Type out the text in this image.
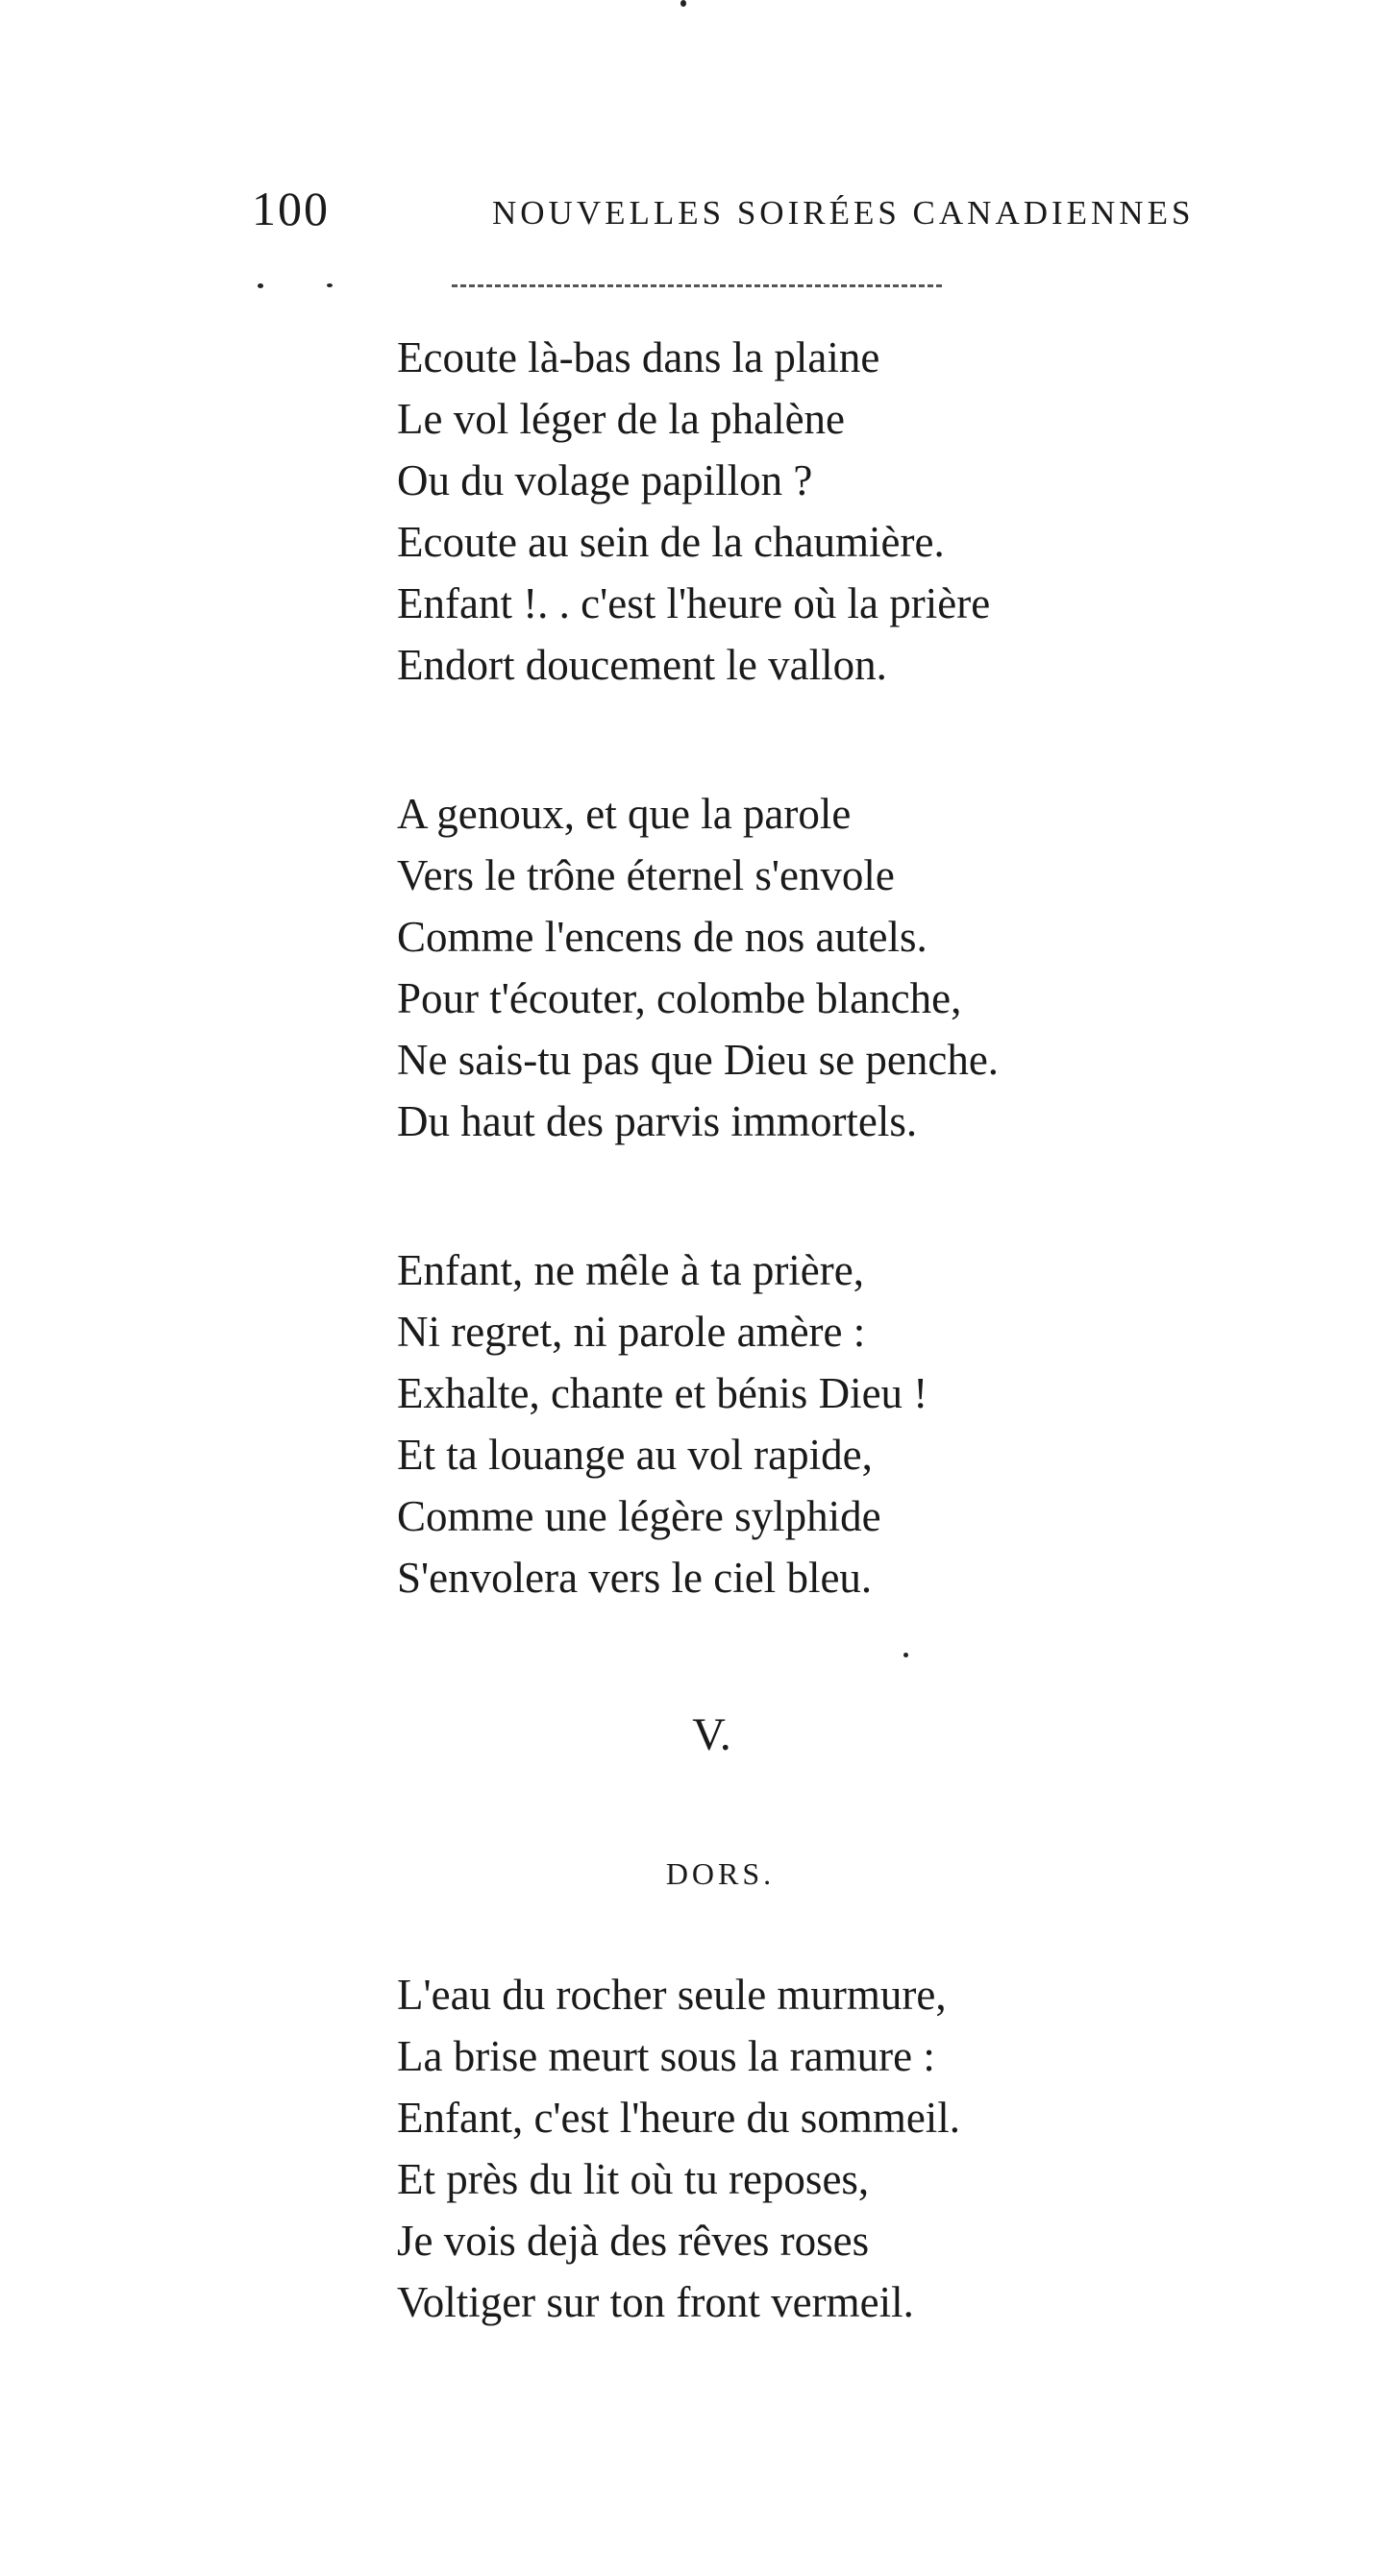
100	NOUVELLES SOIRÉES CANADIENNES
Ecoute là-bas dans la plaine
Le vol léger de la phalène
Ou du volage papillon ?
Ecoute au sein de la chaumière.
Enfant !. . c'est l'heure où la prière
Endort doucement le vallon.
A genoux, et que la parole
Vers le trône éternel s'envole
Comme l'encens de nos autels.
Pour t'écouter, colombe blanche,
Ne sais-tu pas que Dieu se penche.
Du haut des parvis immortels.
Enfant, ne mêle à ta prière,
Ni regret, ni parole amère :
Exhalte, chante et bénis Dieu !
Et ta louange au vol rapide,
Comme une légère sylphide
S'envolera vers le ciel bleu.
V.
DORS.
L'eau du rocher seule murmure,
La brise meurt sous la ramure :
Enfant, c'est l'heure du sommeil.
Et près du lit où tu reposes,
Je vois dejà des rêves roses
Voltiger sur ton front vermeil.
